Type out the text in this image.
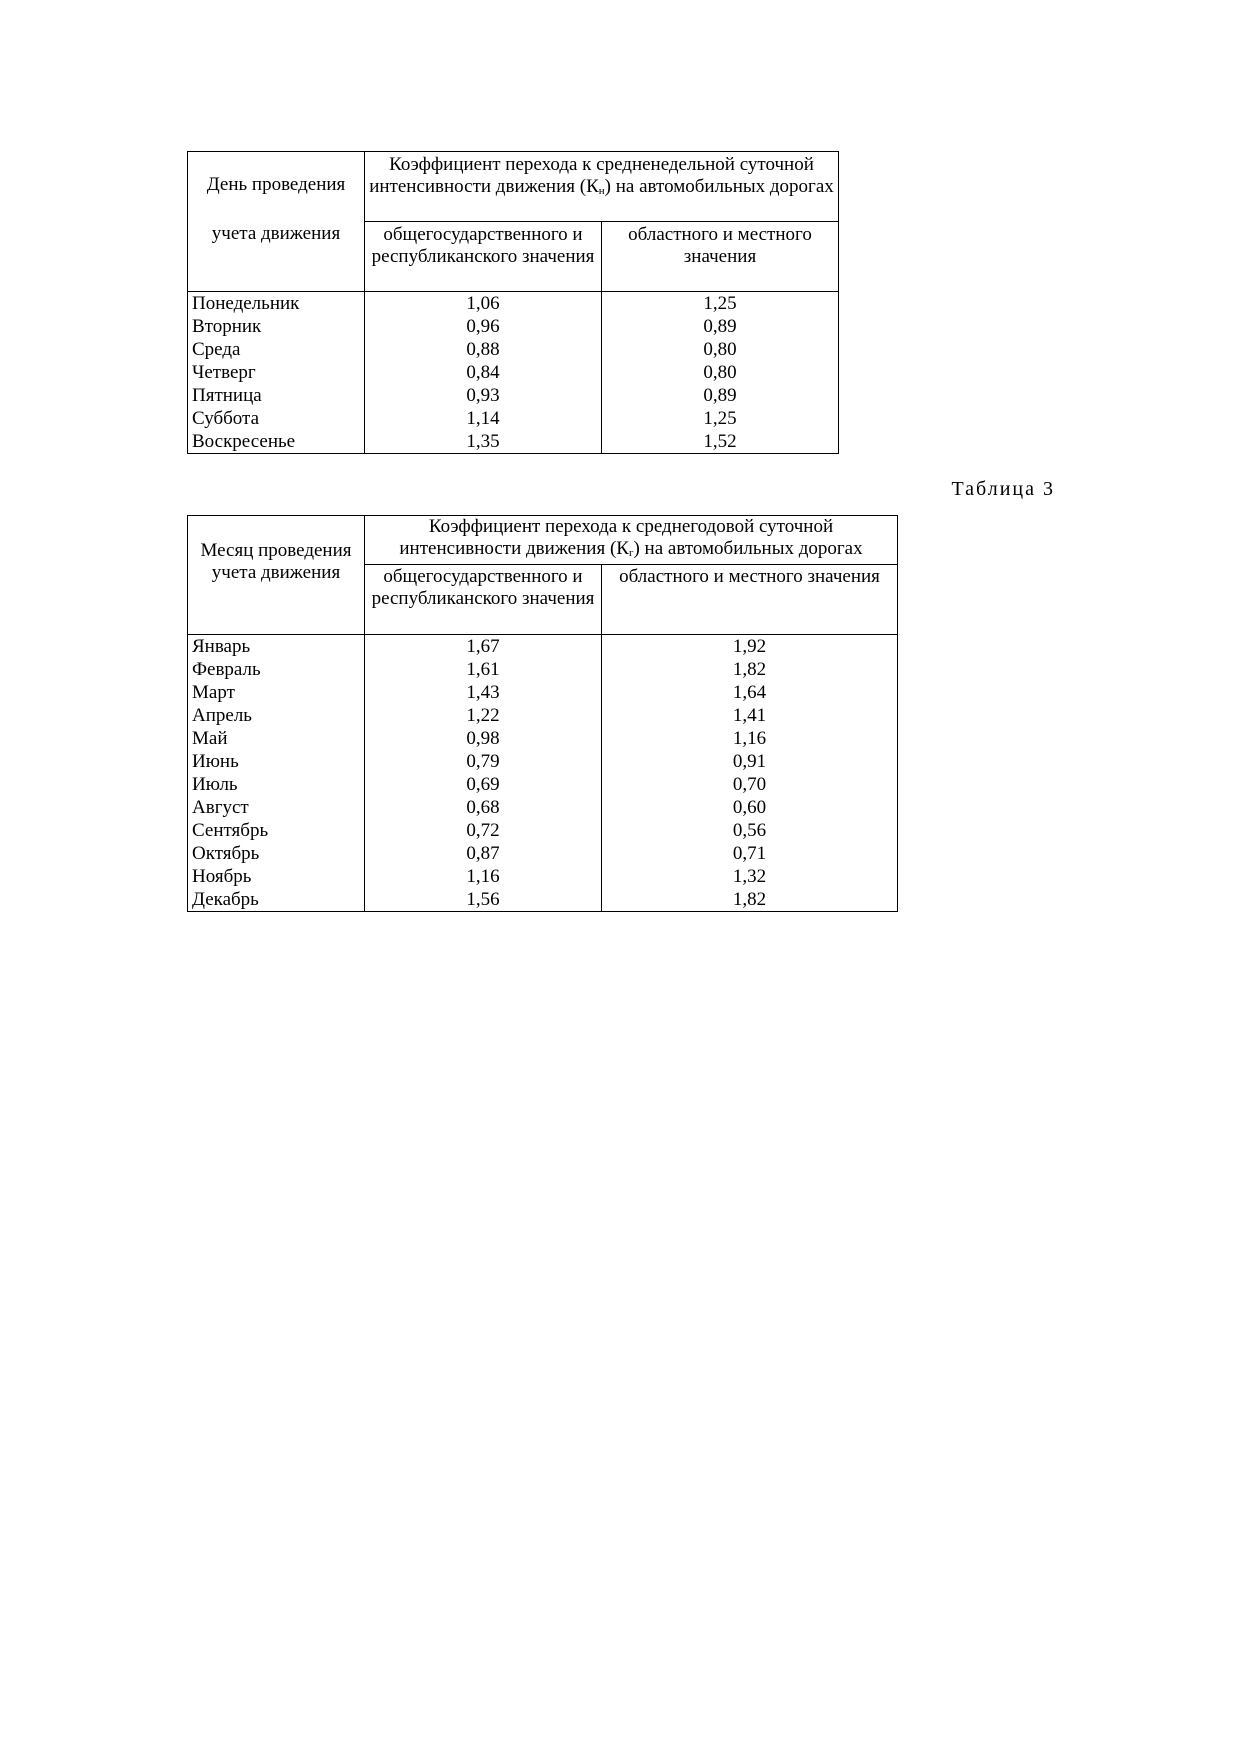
День проведения
учета движения	Коэффициент перехода к средненедельной суточной интенсивности движения (Кн) на автомобильных дорогах	
	общегосударственного и республиканского значения	областного и местного значения
Понедельник	1,06	1,25
Вторник	0,96	0,89
Среда	0,88	0,80
Четверг	0,84	0,80
Пятница	0,93	0,89
Суббота	1,14	1,25
Воскресенье	1,35	1,52
Таблица 3
Месяц проведения учета движения	Коэффициент перехода к среднегодовой суточной интенсивности движения (Кг) на автомобильных дорогах	
	общегосударственного и республиканского значения	областного и местного значения
Январь	1,67	1,92
Февраль	1,61	1,82
Март	1,43	1,64
Апрель	1,22	1,41
Май	0,98	1,16
Июнь	0,79	0,91
Июль	0,69	0,70
Август	0,68	0,60
Сентябрь	0,72	0,56
Октябрь	0,87	0,71
Ноябрь	1,16	1,32
Декабрь	1,56	1,82
